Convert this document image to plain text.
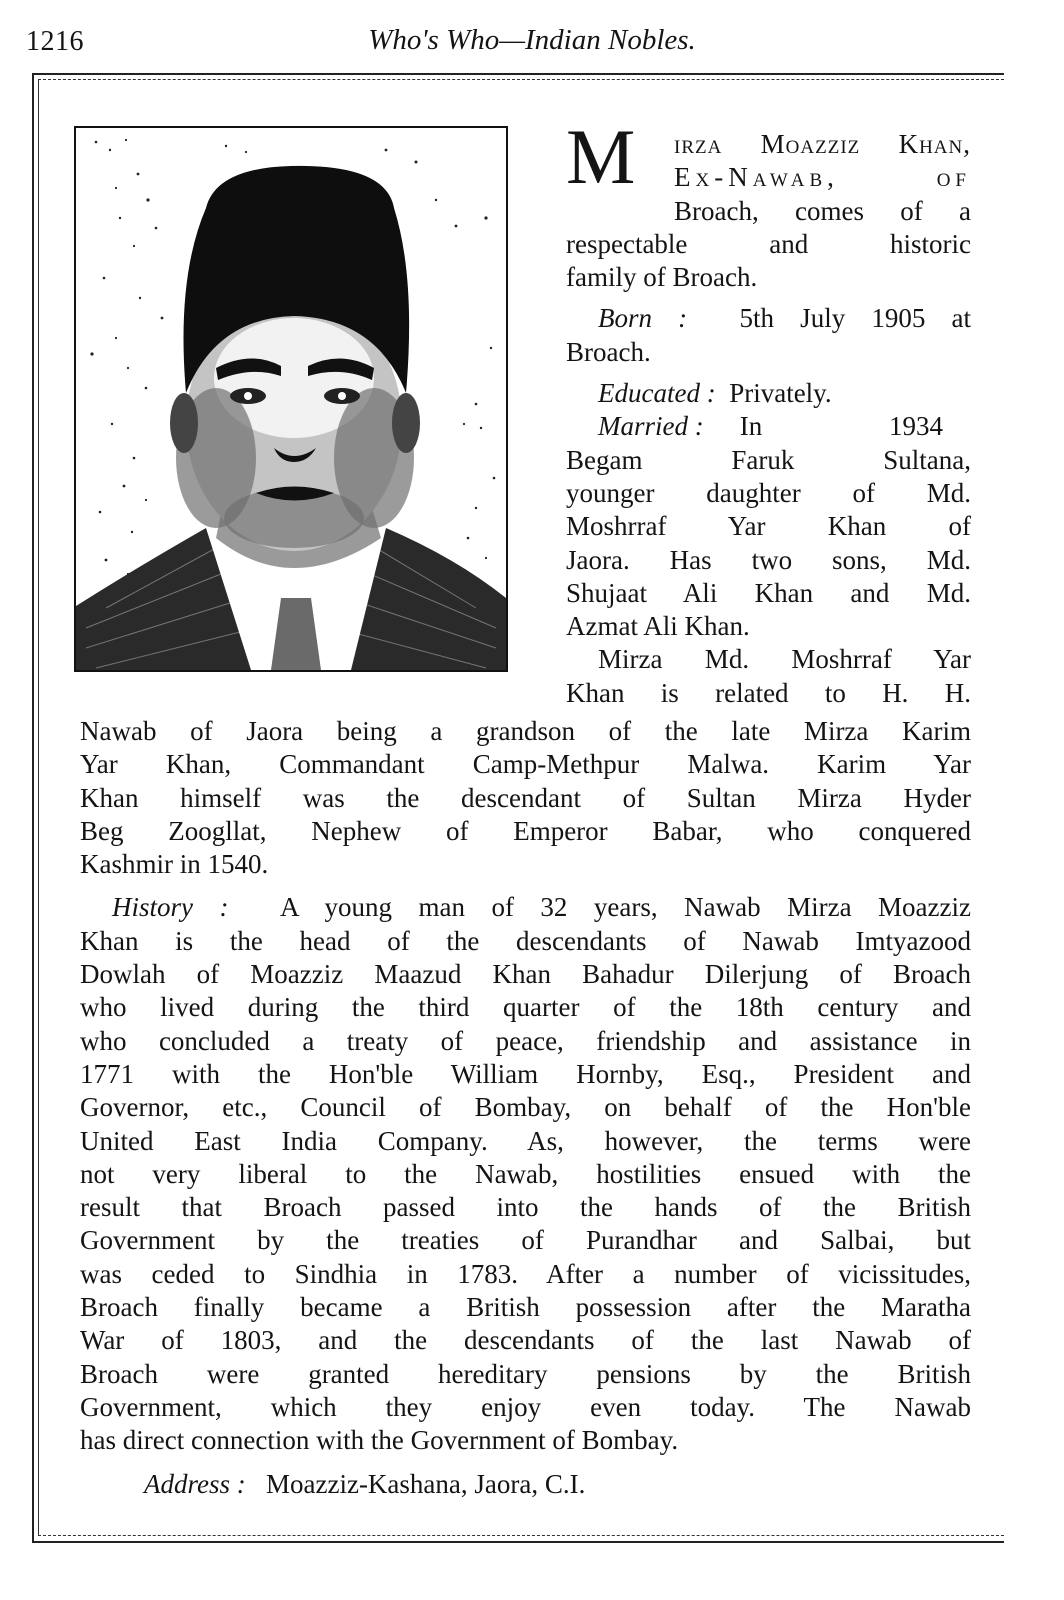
1216	Who's Who—Indian Nobles.
M	irza Moazziz Khan,
Ex-Nawab, of
Broach, comes of a
respectable and historic
family of Broach.
Born : 5th July 1905 at
Broach.
Educated : Privately.
Married :	In 1934
Begam Faruk Sultana,
younger daughter of Md.
Moshrraf Yar Khan of
Jaora. Has two sons, Md.
Shujaat Ali Khan and Md.
Azmat Ali Khan.
Mirza Md. Moshrraf Yar
Khan is related to H. H.
Nawab of Jaora being a grandson of the late Mirza Karim
Yar Khan, Commandant Camp-Methpur Malwa. Karim Yar
Khan himself was the descendant of Sultan Mirza Hyder
Beg Zoogllat, Nephew of Emperor Babar, who conquered
Kashmir in 1540.
History : A young man of 32 years, Nawab Mirza Moazziz
Khan is the head of the descendants of Nawab Imtyazood
Dowlah of Moazziz Maazud Khan Bahadur Dilerjung of Broach
who lived during the third quarter of the 18th century and
who concluded a treaty of peace, friendship and assistance in
1771 with the Hon'ble William Hornby, Esq., President and
Governor, etc., Council of Bombay, on behalf of the Hon'ble
United East India Company. As, however, the terms were
not very liberal to the Nawab, hostilities ensued with the
result that Broach passed into the hands of the British
Government by the treaties of Purandhar and Salbai, but
was ceded to Sindhia in 1783. After a number of vicissitudes,
Broach finally became a British possession after the Maratha
War of 1803, and the descendants of the last Nawab of
Broach were granted hereditary pensions by the British
Government, which they enjoy even today. The Nawab
has direct connection with the Government of Bombay.
Address : Moazziz-Kashana, Jaora, C.I.
